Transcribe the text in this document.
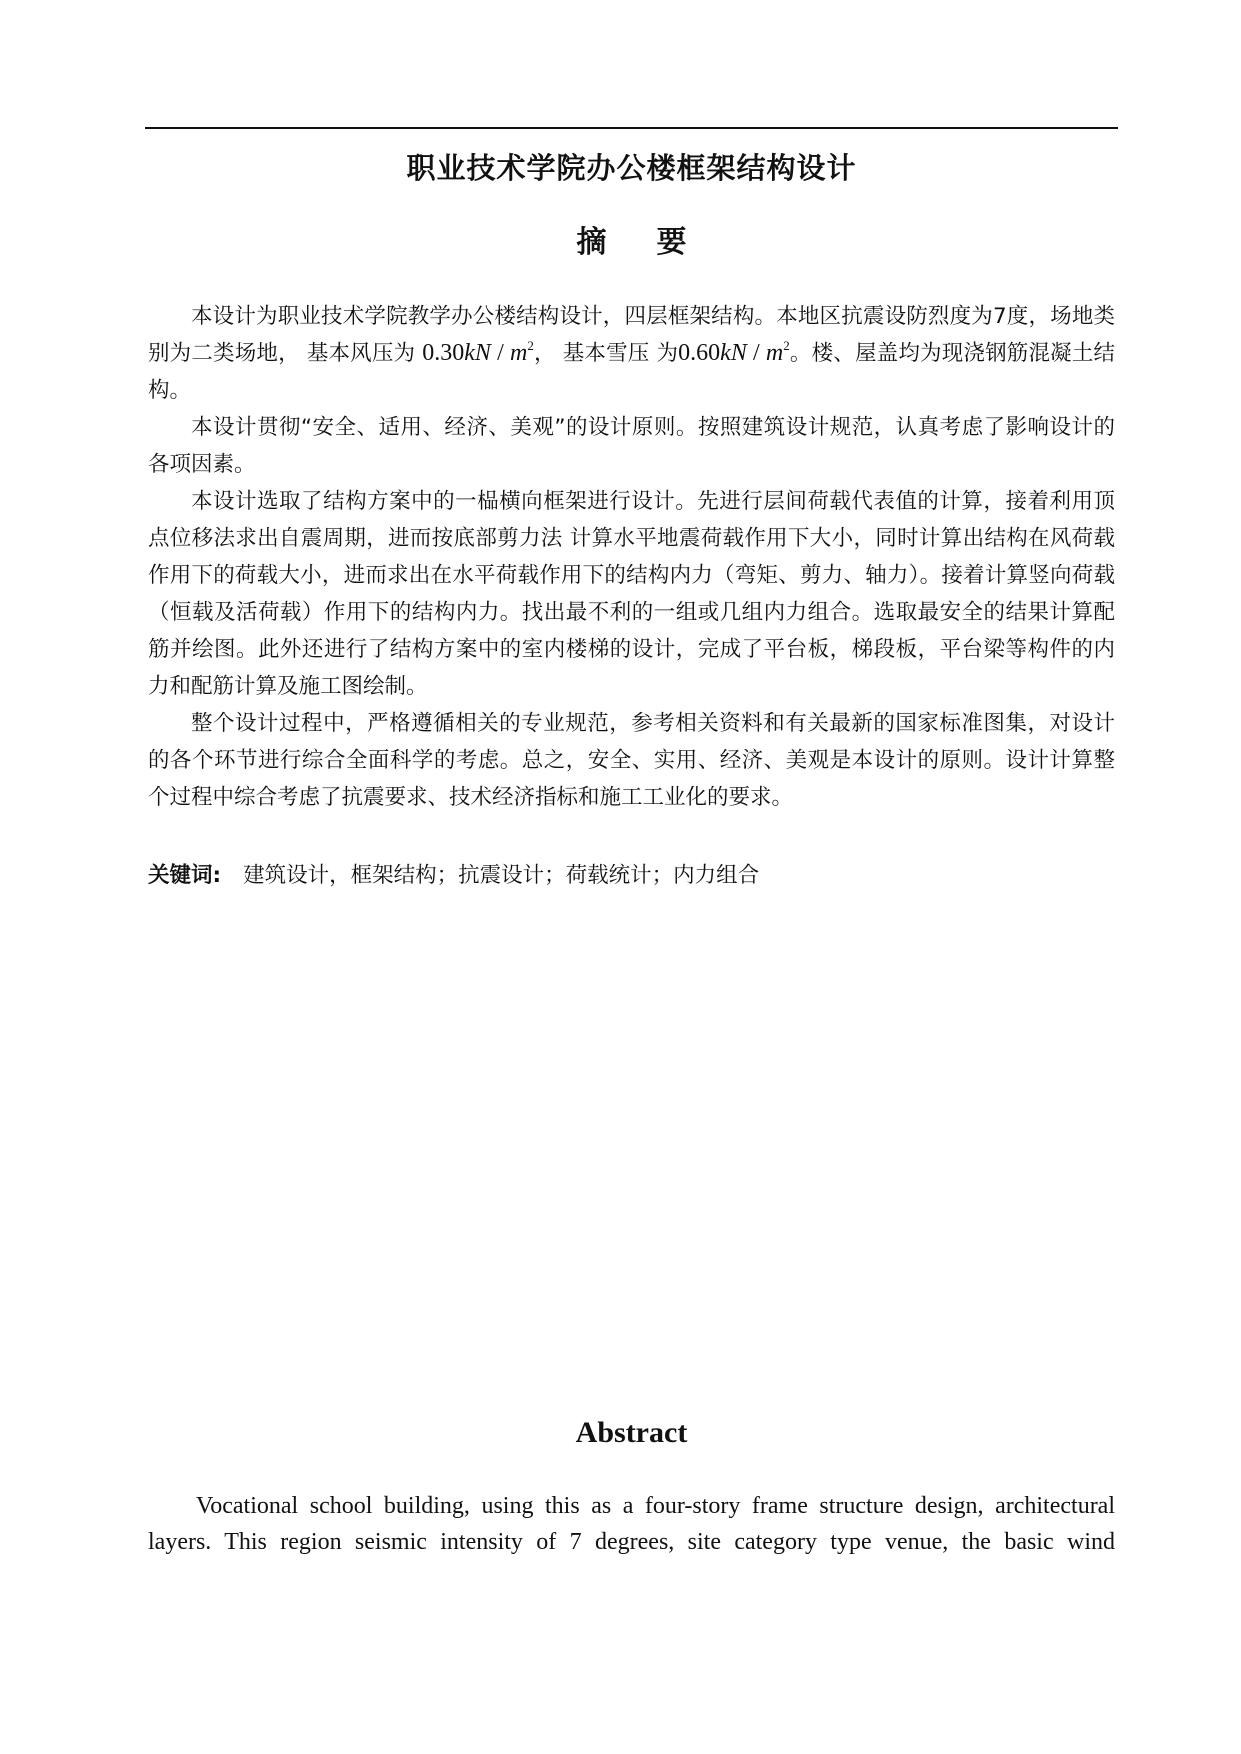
职业技术学院办公楼框架结构设计
摘要

本设计为职业技术学院教学办公楼结构设计，四层框架结构。本地区抗震设防烈度为7度，场地类别为二类场地， 基本风压为 $0.30kN / m^2$， 基本雪压 为$0.60kN / m^2$。楼、屋盖均为现浇钢筋混凝土结构。

本设计贯彻“安全、适用、经济、美观”的设计原则。按照建筑设计规范，认真考虑了影响设计的各项因素。

本设计选取了结构方案中的一榀横向框架进行设计。先进行层间荷载代表值的计算，接着利用顶点位移法求出自震周期，进而按底部剪力法 计算水平地震荷载作用下大小，同时计算出结构在风荷载作用下的荷载大小，进而求出在水平荷载作用下的结构内力（弯矩、剪力、轴力）。接着计算竖向荷载（恒载及活荷载）作用下的结构内力。找出最不利的一组或几组内力组合。选取最安全的结果计算配筋并绘图。此外还进行了结构方案中的室内楼梯的设计，完成了平台板，梯段板，平台梁等构件的内力和配筋计算及施工图绘制。

整个设计过程中，严格遵循相关的专业规范，参考相关资料和有关最新的国家标准图集，对设计的各个环节进行综合全面科学的考虑。总之，安全、实用、经济、美观是本设计的原则。设计计算整个过程中综合考虑了抗震要求、技术经济指标和施工工业化的要求。

关键词: 建筑设计，框架结构；抗震设计；荷载统计；内力组合
Abstract

Vocational school building, using this as a four-story frame structure design, architectural layers. This region seismic intensity of 7 degrees, site category type venue, the basic wind
